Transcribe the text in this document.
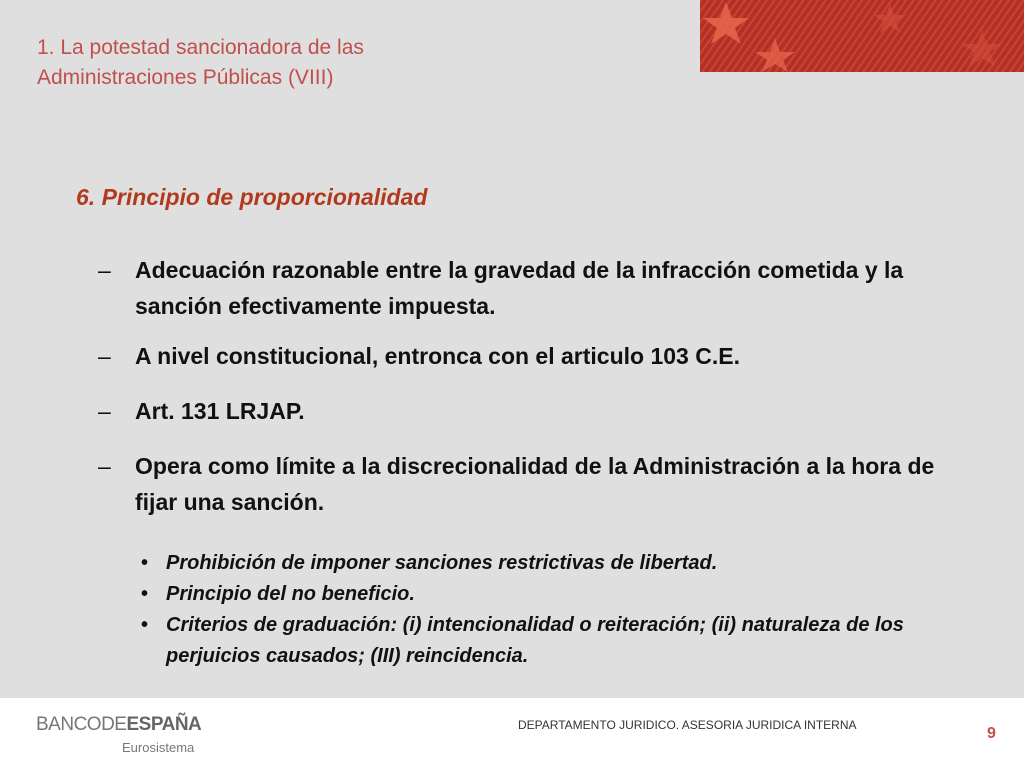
1. La potestad sancionadora de las
Administraciones Públicas (VIII)
6. Principio de proporcionalidad
– Adecuación razonable entre la gravedad de la infracción cometida y la sanción efectivamente impuesta.
– A nivel constitucional, entronca con el articulo 103 C.E.
– Art. 131 LRJAP.
– Opera como límite a la discrecionalidad de la Administración a la hora de fijar una sanción.
• Prohibición de imponer sanciones restrictivas de libertad.
• Principio del no beneficio.
• Criterios de graduación: (i) intencionalidad o reiteración; (ii) naturaleza de los perjuicios causados; (III) reincidencia.
BANCODEESPAÑA
Eurosistema
DEPARTAMENTO JURIDICO. ASESORIA JURIDICA INTERNA	9
